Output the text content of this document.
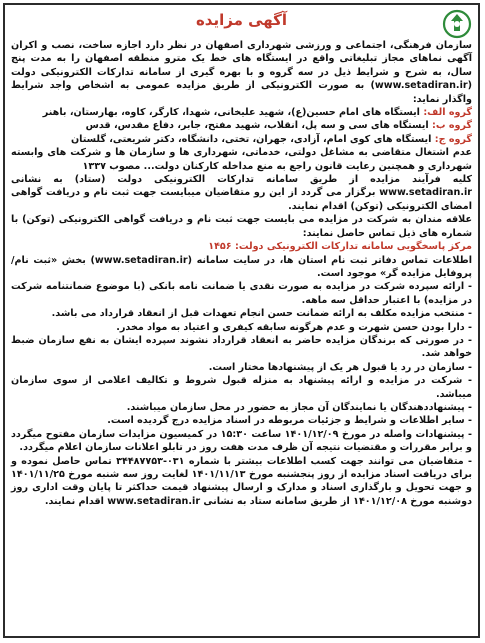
آگهی مزایده

سازمان فرهنگی، اجتماعی و ورزشی شهرداری اصفهان در نظر دارد اجازه ساخت، نصب و اکران آگهی نماهای مجاز تبلیغاتی واقع در ایستگاه های خط یک مترو منطقه اصفهان را به مدت پنج سال، به شرح و شرایط ذیل در سه گروه و با بهره گیری از سامانه تدارکات الکترونیکی دولت (www.setadiran.ir) به صورت الکترونیکی از طریق مزایده عمومی به اشخاص واجد شرایط واگذار نماید:

گروه الف: ایستگاه های امام حسین(ع)، شهید علیخانی، شهدا، کارگر، کاوه، بهارستان، باهنر

گروه ب: ایستگاه های سی و سه پل، انقلاب، شهید مفتح، جابر، دفاع مقدس، قدس

گروه ج: ایستگاه های کوی امام، آزادی، جهران، تختی، دانشگاه، دکتر شریعتی، گلستان

عدم اشتغال متقاضی به مشاغل دولتی، خدماتی، شهرداری ها و سازمان ها و شرکت های وابسته شهرداری و همچنین رعایت قانون راجع به منع مداخله کارکنان دولت... مصوب ۱۳۳۷

کلیه فرآیند مزایده از طریق سامانه تدارکات الکترونیکی دولت (ستاد) به نشانی www.setadiran.ir برگزار می گردد از این رو متقاضیان میبایست جهت ثبت نام و دریافت گواهی امضای الکترونیکی (توکن) اقدام نمایند.

علاقه مندان به شرکت در مزایده می بایست جهت ثبت نام و دریافت گواهی الکترونیکی (توکن) با شماره های ذیل تماس حاصل نمایند:

مرکز پاسخگویی سامانه تدارکات الکترونیکی دولت: ۱۴۵۶

اطلاعات تماس دفاتر ثبت نام استان ها، در سایت سامانه (www.setadiran.ir) بخش «ثبت نام/پروفایل مزایده گر» موجود است.

- ارائه سپرده شرکت در مزایده به صورت نقدی یا ضمانت نامه بانکی (با موضوع ضمانتنامه شرکت در مزایده) با اعتبار حداقل سه ماهه.

- منتخب مزایده مکلف به ارائه ضمانت حسن انجام تعهدات قبل از انعقاد قرارداد می باشد.

- دارا بودن حسن شهرت و عدم هرگونه سابقه کیفری و اعتیاد به مواد مخدر.

- در صورتی که برندگان مزایده حاضر به انعقاد قرارداد نشوند سپرده ایشان به نفع سازمان ضبط خواهد شد.

- سازمان در رد یا قبول هر یک از پیشنهادها مختار است.

- شرکت در مزایده و ارائه پیشنهاد به منزله قبول شروط و تکالیف اعلامی از سوی سازمان میباشد.

- پیشنهاددهندگان یا نمایندگان آن مجاز به حضور در محل سازمان میباشند.

- سایر اطلاعات و شرایط و جزئیات مربوطه در اسناد مزایده درج گردیده است.

- پیشنهادات واصله در مورخ ۱۴۰۱/۱۲/۰۹ ساعت ۱۵:۳۰ در کمیسیون مزایدات سازمان مفتوح میگردد و برابر مقررات و مقتضیات نتیجه آن ظرف مدت هفت روز در تابلو اعلانات سازمان اعلام میگردد.

- متقاضیان می توانند جهت کسب اطلاعات بیشتر با شماره ۰۳۱-۳۴۴۸۷۷۵۳ تماس حاصل نموده و برای دریافت اسناد مزایده از روز پنجشنبه مورخ ۱۴۰۱/۱۱/۱۳ لغایت روز سه شنبه مورخ ۱۴۰۱/۱۱/۲۵ و جهت تحویل و بارگذاری اسناد و مدارک و ارسال پیشنهاد قیمت حداکثر تا پایان وقت اداری روز دوشنبه مورخ ۱۴۰۱/۱۲/۰۸ از طریق سامانه ستاد به نشانی www.setadiran.ir اقدام نمایند.
